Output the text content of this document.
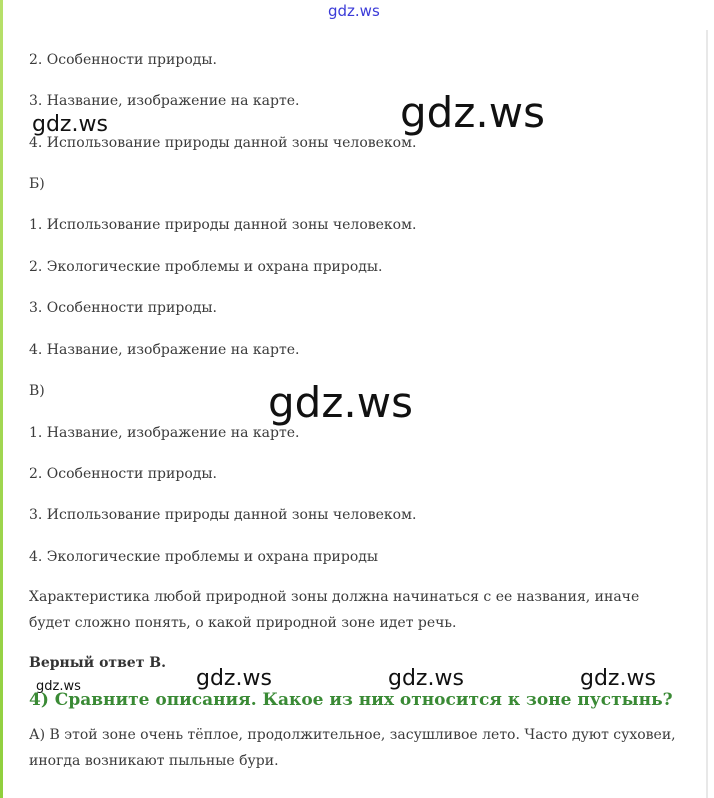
gdz.ws
2. Особенности природы.
3. Название, изображение на карте.
4. Использование природы данной зоны человеком.
Б)
1. Использование природы данной зоны человеком.
2. Экологические проблемы и охрана природы.
3. Особенности природы.
4. Название, изображение на карте.
В)
1. Название, изображение на карте.
2. Особенности природы.
3. Использование природы данной зоны человеком.
4. Экологические проблемы и охрана природы
Характеристика любой природной зоны должна начинаться с ее названия, иначе будет сложно понять, о какой природной зоне идет речь.
Верный ответ В.
4) Сравните описания. Какое из них относится к зоне пустынь?
А) В этой зоне очень тёплое, продолжительное, засушливое лето. Часто дуют суховеи, иногда возникают пыльные бури.
gdz.ws	gdz.ws
gdz.ws
gdz.ws	gdz.ws	gdz.ws	gdz.ws
